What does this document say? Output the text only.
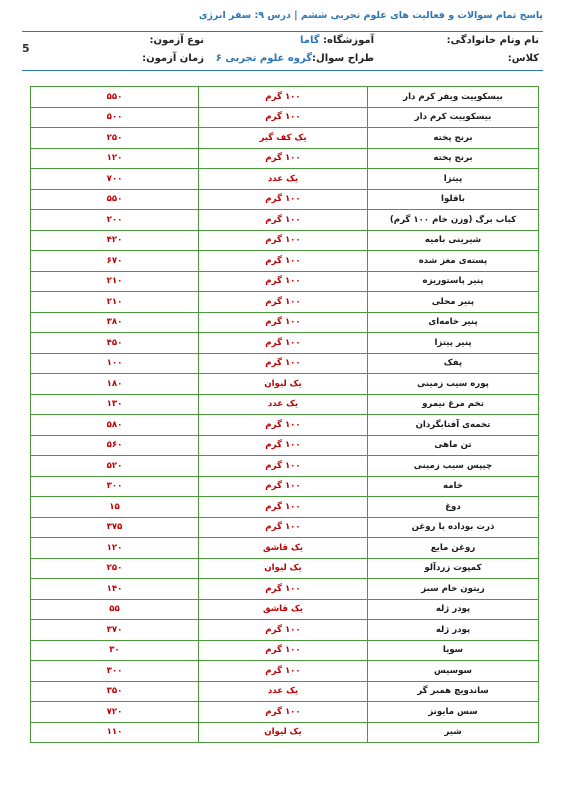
پاسخ تمام سوالات و فعالیت های علوم تجربی ششم | درس ۹: سفر انرژی
نام ونام خانوادگی:
آموزشگاه: گاما
نوع آزمون:
کلاس:
طراح سوال:گروه علوم تجربی ۶
زمان آزمون:
5
بیسکوییت ویفر کرم دار	۱۰۰ گرم	۵۵۰
بیسکوییت کرم دار	۱۰۰ گرم	۵۰۰
برنج پخته	یک کف گیر	۲۵۰
برنج پخته	۱۰۰ گرم	۱۲۰
پیتزا	یک عدد	۷۰۰
باقلوا	۱۰۰ گرم	۵۵۰
کباب برگ (وزن خام ۱۰۰ گرم)	۱۰۰ گرم	۲۰۰
شیرینی بامیه	۱۰۰ گرم	۴۲۰
پسته‌ی مغز شده	۱۰۰ گرم	۶۷۰
پنیر پاستوریزه	۱۰۰ گرم	۲۱۰
پنیر محلی	۱۰۰ گرم	۲۱۰
پنیر خامه‌ای	۱۰۰ گرم	۳۸۰
پنیر پیتزا	۱۰۰ گرم	۴۵۰
پفک	۱۰۰ گرم	۱۰۰
پوره سیب زمینی	یک لیوان	۱۸۰
تخم مرغ نیمرو	یک عدد	۱۳۰
تخمه‌ی آفتابگردان	۱۰۰ گرم	۵۸۰
تن ماهی	۱۰۰ گرم	۵۶۰
چیپس سیب زمینی	۱۰۰ گرم	۵۲۰
خامه	۱۰۰ گرم	۳۰۰
دوغ	۱۰۰ گرم	۱۵
ذرت بوداده با روغن	۱۰۰ گرم	۳۷۵
روغن مایع	یک قاشق	۱۲۰
کمپوت زردآلو	یک لیوان	۲۵۰
زیتون خام سبز	۱۰۰ گرم	۱۴۰
پودر ژله	یک قاشق	۵۵
پودر ژله	۱۰۰ گرم	۳۷۰
سویا	۱۰۰ گرم	۳۰
سوسیس	۱۰۰ گرم	۳۰۰
ساندویچ همبر گر	یک عدد	۳۵۰
سس مایونز	۱۰۰ گرم	۷۲۰
شیر	یک لیوان	۱۱۰
